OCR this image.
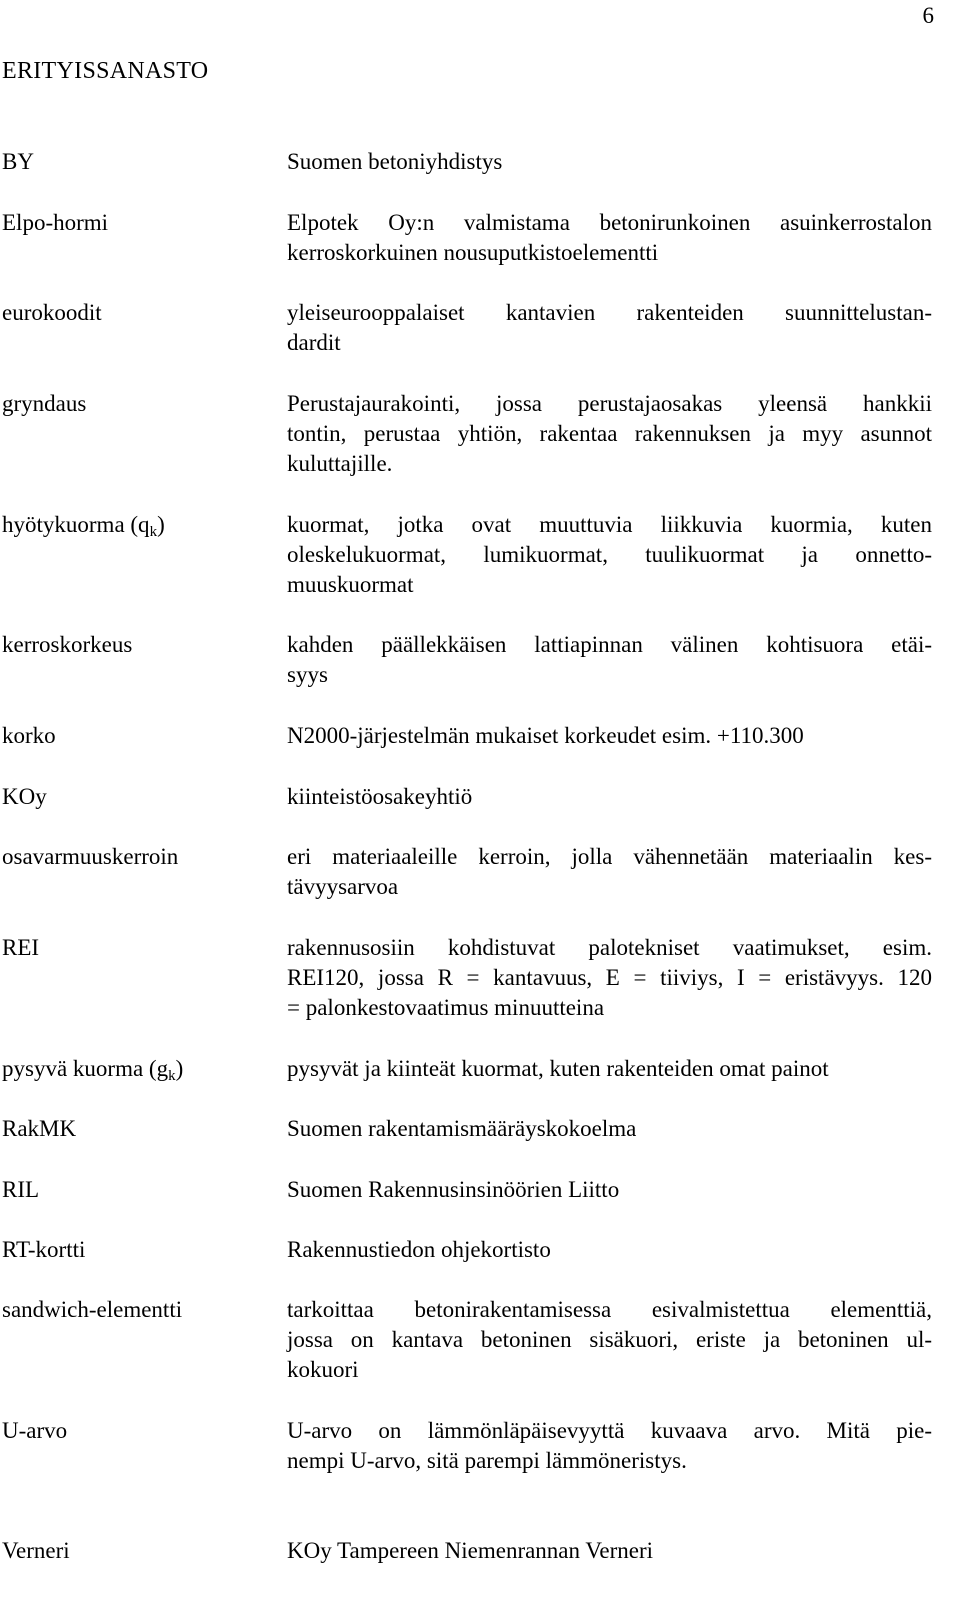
6
ERITYISSANASTO
BY	Suomen betoniyhdistys
Elpo-hormi	Elpotek Oy:n valmistama betonirunkoinen asuinkerrostalon
kerroskorkuinen nousuputkistoelementti
eurokoodit	yleiseurooppalaiset kantavien rakenteiden suunnittelustan-
dardit
gryndaus	Perustajaurakointi, jossa perustajaosakas yleensä hankkii
tontin, perustaa yhtiön, rakentaa rakennuksen ja myy asunnot
kuluttajille.
hyötykuorma $(q_k)$	kuormat, jotka ovat muuttuvia liikkuvia kuormia, kuten
oleskelukuormat, lumikuormat, tuulikuormat ja onnetto-
muuskuormat
kerroskorkeus	kahden päällekkäisen lattiapinnan välinen kohtisuora etäi-
syys
korko	N2000-järjestelmän mukaiset korkeudet esim. +110.300
KOy	kiinteistöosakeyhtiö
osavarmuuskerroin	eri materiaaleille kerroin, jolla vähennetään materiaalin kes-
tävyysarvoa
REI	rakennusosiin kohdistuvat palotekniset vaatimukset, esim.
REI120, jossa R = kantavuus, E = tiiviys, I = eristävyys. 120
= palonkestovaatimus minuutteina
pysyvä kuorma $(g_k)$	pysyvät ja kiinteät kuormat, kuten rakenteiden omat painot
RakMK	Suomen rakentamismääräyskokoelma
RIL	Suomen Rakennusinsinöörien Liitto
RT-kortti	Rakennustiedon ohjekortisto
sandwich-elementti	tarkoittaa betonirakentamisessa esivalmistettua elementtiä,
jossa on kantava betoninen sisäkuori, eriste ja betoninen ul-
kokuori
U-arvo	U-arvo on lämmönläpäisevyyttä kuvaava arvo. Mitä pie-
nempi U-arvo, sitä parempi lämmöneristys.
Verneri	KOy Tampereen Niemenrannan Verneri
